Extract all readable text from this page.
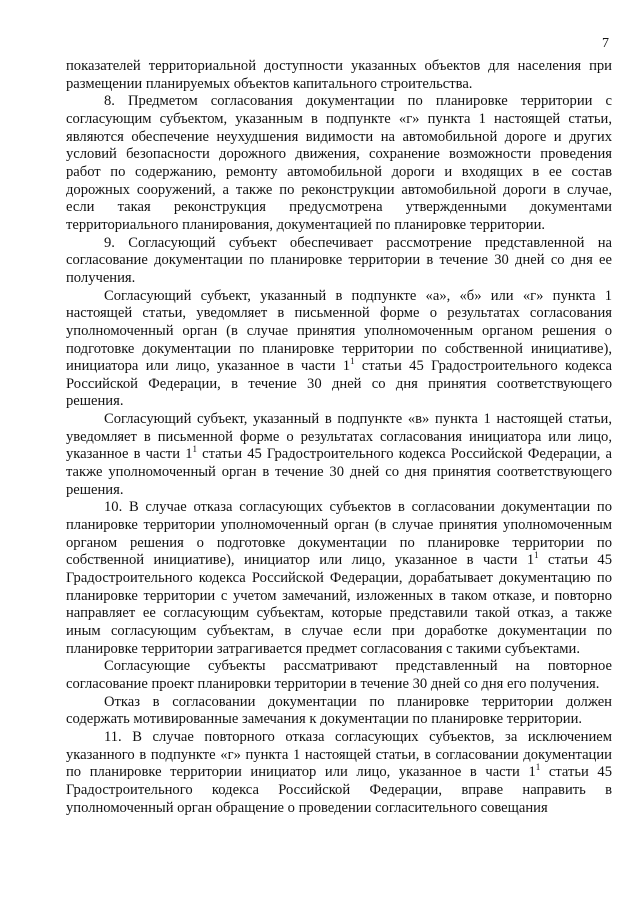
7

показателей территориальной доступности указанных объектов для населения при размещении планируемых объектов капитального строительства.

8. Предметом согласования документации по планировке территории с согласующим субъектом, указанным в подпункте «г» пункта 1 настоящей статьи, являются обеспечение неухудшения видимости на автомобильной дороге и других условий безопасности дорожного движения, сохранение возможности проведения работ по содержанию, ремонту автомобильной дороги и входящих в ее состав дорожных сооружений, а также по реконструкции автомобильной дороги в случае, если такая реконструкция предусмотрена утвержденными документами территориального планирования, документацией по планировке территории.

9. Согласующий субъект обеспечивает рассмотрение представленной на согласование документации по планировке территории в течение 30 дней со дня ее получения.

Согласующий субъект, указанный в подпункте «а», «б» или «г» пункта 1 настоящей статьи, уведомляет в письменной форме о результатах согласования уполномоченный орган (в случае принятия уполномоченным органом решения о подготовке документации по планировке территории по собственной инициативе), инициатора или лицо, указанное в части $1^1$ статьи 45 Градостроительного кодекса Российской Федерации, в течение 30 дней со дня принятия соответствующего решения.

Согласующий субъект, указанный в подпункте «в» пункта 1 настоящей статьи, уведомляет в письменной форме о результатах согласования инициатора или лицо, указанное в части $1^1$ статьи 45 Градостроительного кодекса Российской Федерации, а также уполномоченный орган в течение 30 дней со дня принятия соответствующего решения.

10. В случае отказа согласующих субъектов в согласовании документации по планировке территории уполномоченный орган (в случае принятия уполномоченным органом решения о подготовке документации по планировке территории по собственной инициативе), инициатор или лицо, указанное в части $1^1$ статьи 45 Градостроительного кодекса Российской Федерации, дорабатывает документацию по планировке территории с учетом замечаний, изложенных в таком отказе, и повторно направляет ее согласующим субъектам, которые представили такой отказ, а также иным согласующим субъектам, в случае если при доработке документации по планировке территории затрагивается предмет согласования с такими субъектами.

Согласующие субъекты рассматривают представленный на повторное согласование проект планировки территории в течение 30 дней со дня его получения.

Отказ в согласовании документации по планировке территории должен содержать мотивированные замечания к документации по планировке территории.

11. В случае повторного отказа согласующих субъектов, за исключением указанного в подпункте «г» пункта 1 настоящей статьи, в согласовании документации по планировке территории инициатор или лицо, указанное в части $1^1$ статьи 45 Градостроительного кодекса Российской Федерации, вправе направить в уполномоченный орган обращение о проведении согласительного совещания
